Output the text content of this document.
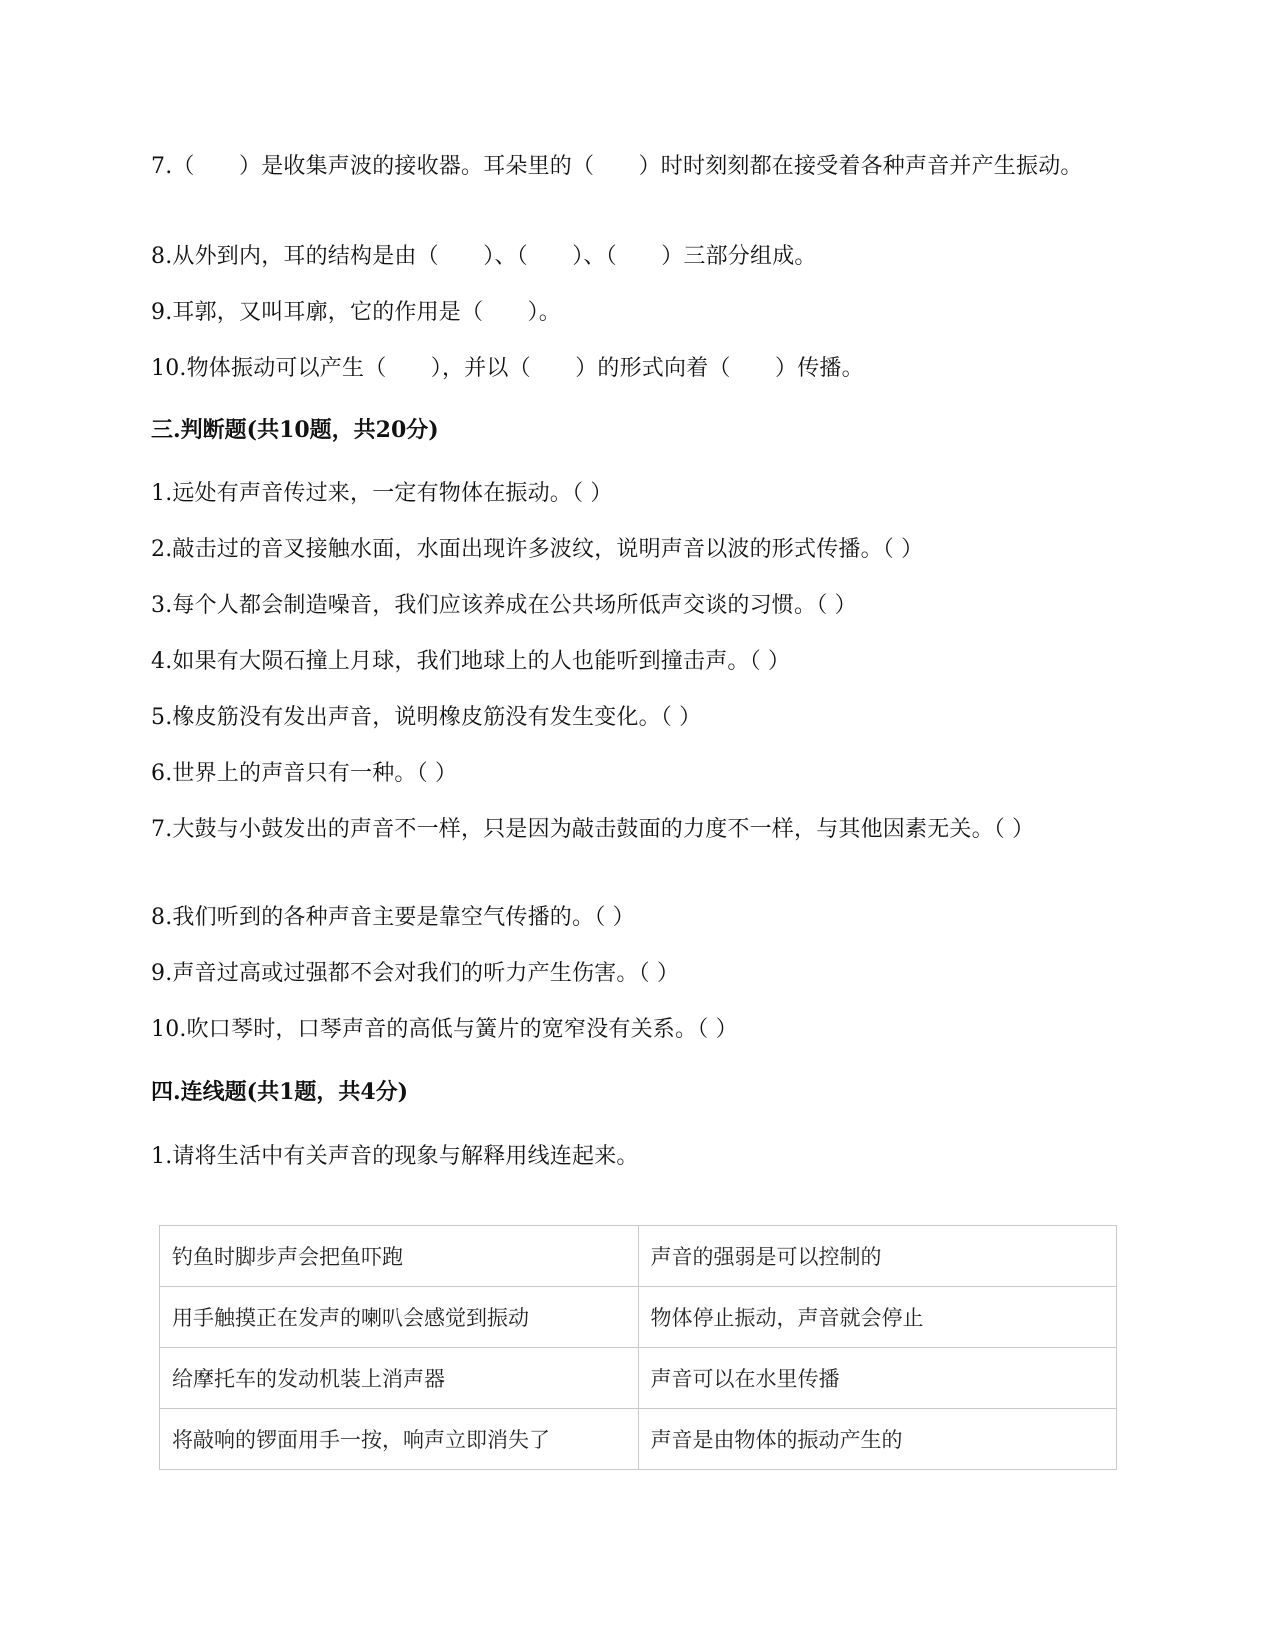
7.（　　）是收集声波的接收器。耳朵里的（　　）时时刻刻都在接受着各种声音并产生振动。
8.从外到内，耳的结构是由（　　）、（　　）、（　　）三部分组成。
9.耳郭，又叫耳廓，它的作用是（　　）。
10.物体振动可以产生（　　），并以（　　）的形式向着（　　）传播。
三.判断题(共10题，共20分)
1.远处有声音传过来，一定有物体在振动。（ ）
2.敲击过的音叉接触水面，水面出现许多波纹，说明声音以波的形式传播。（ ）
3.每个人都会制造噪音，我们应该养成在公共场所低声交谈的习惯。（ ）
4.如果有大陨石撞上月球，我们地球上的人也能听到撞击声。（ ）
5.橡皮筋没有发出声音，说明橡皮筋没有发生变化。（ ）
6.世界上的声音只有一种。（ ）
7.大鼓与小鼓发出的声音不一样，只是因为敲击鼓面的力度不一样，与其他因素无关。（ ）
8.我们听到的各种声音主要是靠空气传播的。（ ）
9.声音过高或过强都不会对我们的听力产生伤害。（ ）
10.吹口琴时，口琴声音的高低与簧片的宽窄没有关系。（ ）
四.连线题(共1题，共4分)
1.请将生活中有关声音的现象与解释用线连起来。
钓鱼时脚步声会把鱼吓跑	声音的强弱是可以控制的
用手触摸正在发声的喇叭会感觉到振动	物体停止振动，声音就会停止
给摩托车的发动机装上消声器	声音可以在水里传播
将敲响的锣面用手一按，响声立即消失了	声音是由物体的振动产生的
